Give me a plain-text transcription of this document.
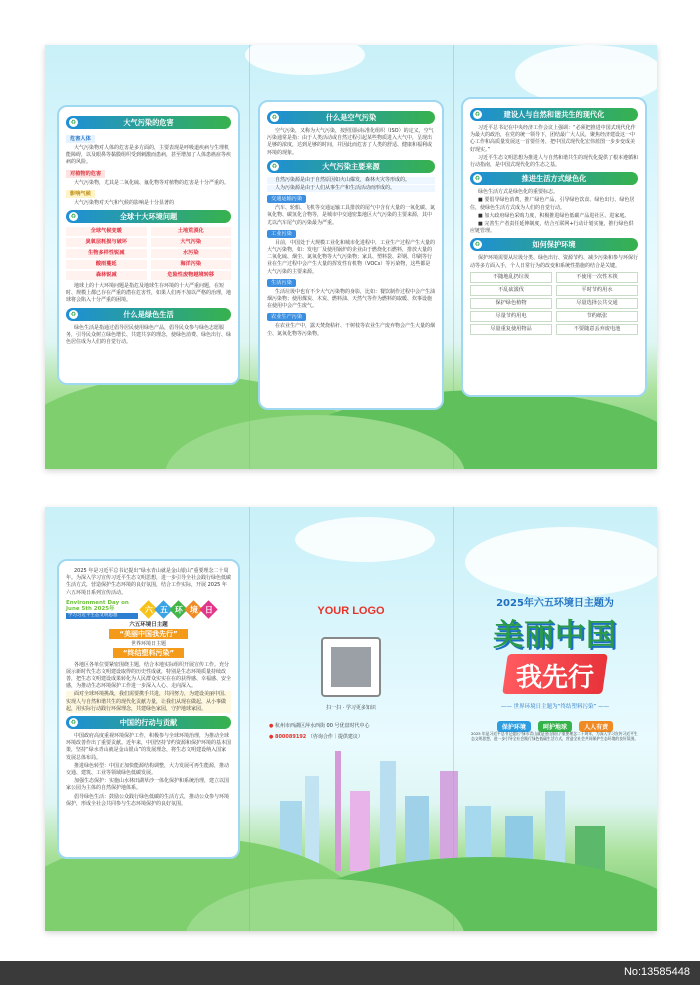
♻	大气污染的危害
危害人体
大气污染物对人体的危害是多方面的，主要表现是呼吸道疾病与生理机能障碍，以及眼鼻等黏膜组织受到刺激而患病，甚至增加了人体患癌症等疾病的风险。
对植物的危害
大气污染物，尤其是二氧化硫、氟化物等对植物的危害是十分严重的。
影响气候
大气污染物对天气和气候的影响是十分显著的
♻	全球十大环境问题
全球气候变暖	土地荒漠化
臭氧层耗损与破坏	大气污染
生物多样性锐减	水污染
酸雨蔓延	海洋污染
森林锐减	危险性废物越境转移
地球上的十大环境问题是指危及地球生存环境的十大严重问题，在短时、规模上都已存在严重的潜在危害性，如果人们再不加以严格的治理，地球将会陷入十分严重的困境。
♻	什么是绿色生活
绿色生活是指通过倡导居民使用绿色产品，倡导民众参与绿色志愿服务，引导民众树立绿色增长、共建共享的理念，使绿色消费、绿色出行、绿色居住成为人们的自觉行动。
♻	什么是空气污染
空气污染，又称为大气污染，按照国际标准化组织（ISO）的定义，空气污染通常是指：由于人类活动或自然过程引起某些物质进入大气中，呈现出足够的浓度，达到足够的时间，并因此而危害了人类的舒适、健康和福利或环境的现象。
♻	大气污染主要来源
自然污染源是由于自然原因如火山爆发，森林火灾等形成的。
人为污染源是由于人们从事生产和生活活动而形成的。
交通运输污染
汽车、轮船、飞机等交通运输工具排放的尾气中含有大量的一氧化碳、氮氧化物、碳氢化合物等，是城市中交通密集地区大气污染的主要来源，其中尤以汽车尾气的污染最为严重。
工业污染
目前，中国处于大规模工业化和城市化进程中，工业生产过程产生大量的大气污染物，如：发电厂及使用锅炉的企业由于燃烧化石燃料，排放大量的二氧化硫、烟尘、氮氧化物等大气污染物；家具、塑料袋、彩钢、印刷等行业在生产过程中会产生大量的挥发性有机物（VOCs）等污染物，这些都是大气污染的主要来源。
生活污染
生活垃圾中也有不少大气污染物的身影，比如：餐饮制作过程中会产生油烟污染物；使用煤炭、木炭、燃料油、天然气等作为燃料的取暖、炊事设施在使用中会产生废气。
农业生产污染
在农业生产中，露天焚烧秸秆、干树枝等农业生产废弃物会产生大量的烟尘、氮氧化物等污染物。
♻	建设人与自然和谐共生的现代化
习近平总书记在中央经济工作会议上强调：“必须把推进中国式现代化作为最大的政治，在党的统一领导下，团结最广大人民，聚焦经济建设这一中心工作和高质量发展这一首要任务，把中国式现代化宏伟蓝图一步步变成美好现实。”
习近平生态文明思想为推进人与自然和谐共生的现代化提供了根本遵循和行动指南，是中国式现代化的生态之基。
♻	推进生活方式绿色化
绿色生活方式是绿色化的重要标志。
■ 要倡导绿色消费，推广绿色产品，引导绿色饮食、绿色出行、绿色居住，使绿色生活方式成为人们的自觉行动。
■ 加大政府绿色采购力度，积极推进绿色低碳产品进社区、进家庭。
■ 完善生产者责任延伸制度，结合互联网+行动计划实施，推行绿色供应链管理。
♻	如何保护环境
保护环境需要从垃圾分类、绿色出行、资源节约、减少污染和参与环保行动等多方面入手，个人日常行为的改变和系统性措施的结合是关键。
不随地乱扔垃圾	不使用一次性木筷
不乱砍滥伐	平时节约用水
保护绿色植物	尽量选择公共交通
尽量节约用电	节约纸张
尽量重复使用物品	不要随意丢弃废电池
2025 年是习近平总书记提出“绿水青山就是金山银山”重要理念二十周年。为深入学习宣传习近平生态文明思想，进一步引导全社会践行绿色低碳生活方式，营造保护生态环境的良好氛围，结合工作实际，开展 2025 年六五环境日系列宣传活动。
Environment Day on June 5th 2025年
学习习近平生态文明思想
六 五 环 境 日
六五环境日主题
“美丽中国我先行”
世界环境日主题
“终结塑料污染”
各地区各单位要紧密围绕主题，结合本地实际组织开展宣传工作。充分展示新时代生态文明建设取得的历史性成就，特别是生态环境质量持续改善，把生态文明建设成果转化为人民群众实实在在的获得感、幸福感、安全感，为推动生态环境保护工作进一步深入人心、走向深入。
面对全球环境挑战，我们需要携手共进，共同努力，为建设美丽中国、实现人与自然和谐共生的现代化贡献力量，让我们从现在做起，从小事做起，用实际行动践行环保理念，共建绿色家园，守护地球家园。
♻	中国的行动与贡献
中国政府高度重视环境保护工作，积极参与全球环境治理，为推动全球环境改善作出了重要贡献。近年来，中国坚持节约资源和保护环境的基本国策，坚持“绿水青山就是金山银山”的发展理念，将生态文明建设纳入国家发展总体布局。
推进绿色转型：中国正加快能源结构调整，大力发展可再生能源，推动交通、建筑、工业等领域绿色低碳发展。
加强生态保护：实施山水林田湖草沙一体化保护和系统治理，建立以国家公园为主体的自然保护地体系。
倡导绿色生活：鼓励公众践行绿色低碳的生活方式，推动公众参与环境保护，形成全社会共同参与生态环境保护的良好氛围。
YOUR LOGO
扫一扫 · 学习更多知识
● 杭州市西湖区萍水西街 00 号优盘时代中心
● 800089192 （咨询合作｜提供建议）
2025年六五环境日主题为
美丽中国
我先行
—— 世界环境日主题为“终结塑料污染” ——
保护环境	呵护地球	人人有责
2025 年是习近平总书记提出“绿水青山就是金山银山”重要理念二十周年，为深入学习宣传习近平生态文明思想，进一步引导全社会践行绿色低碳生活方式，营造全社会共同保护生态环境的良好氛围。
No:13585448
